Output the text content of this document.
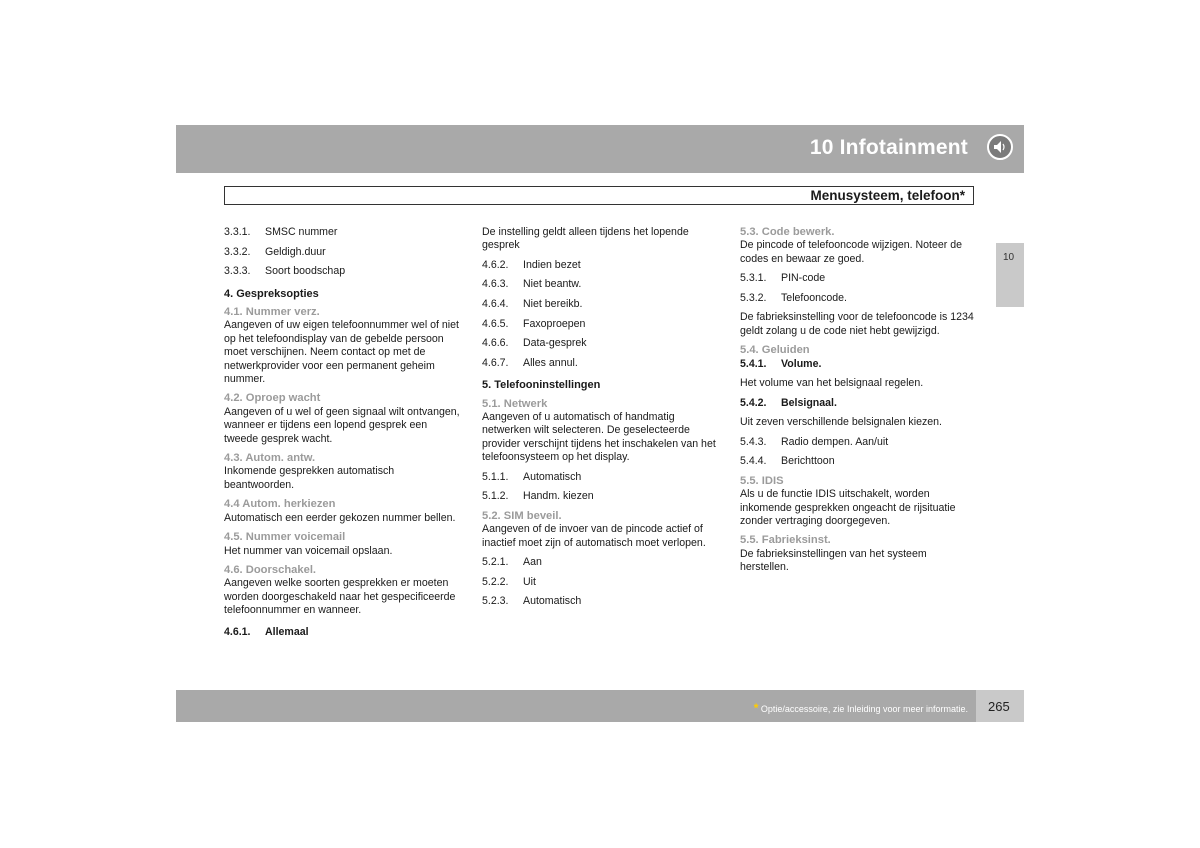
10 Infotainment
Menusysteem, telefoon*
10
3.3.1.	SMSC nummer
3.3.2.	Geldigh.duur
3.3.3.	Soort boodschap
4. Gespreksopties
4.1. Nummer verz.
Aangeven of uw eigen telefoonnummer wel of niet op het telefoondisplay van de gebelde persoon moet verschijnen. Neem contact op met de netwerkprovider voor een permanent geheim nummer.
4.2. Oproep wacht
Aangeven of u wel of geen signaal wilt ontvangen, wanneer er tijdens een lopend gesprek een tweede gesprek wacht.
4.3. Autom. antw.
Inkomende gesprekken automatisch beantwoorden.
4.4 Autom. herkiezen
Automatisch een eerder gekozen nummer bellen.
4.5. Nummer voicemail
Het nummer van voicemail opslaan.
4.6. Doorschakel.
Aangeven welke soorten gesprekken er moeten worden doorgeschakeld naar het gespecificeerde telefoonnummer en wanneer.
4.6.1.	Allemaal
De instelling geldt alleen tijdens het lopende gesprek
4.6.2.	Indien bezet
4.6.3.	Niet beantw.
4.6.4.	Niet bereikb.
4.6.5.	Faxoproepen
4.6.6.	Data-gesprek
4.6.7.	Alles annul.
5. Telefooninstellingen
5.1. Netwerk
Aangeven of u automatisch of handmatig netwerken wilt selecteren. De geselecteerde provider verschijnt tijdens het inschakelen van het telefoonsysteem op het display.
5.1.1.	Automatisch
5.1.2.	Handm. kiezen
5.2. SIM beveil.
Aangeven of de invoer van de pincode actief of inactief moet zijn of automatisch moet verlopen.
5.2.1.	Aan
5.2.2.	Uit
5.2.3.	Automatisch
5.3. Code bewerk.
De pincode of telefooncode wijzigen. Noteer de codes en bewaar ze goed.
5.3.1.	PIN-code
5.3.2.	Telefooncode.
De fabrieksinstelling voor de telefooncode is 1234 geldt zolang u de code niet hebt gewijzigd.
5.4. Geluiden
5.4.1.	Volume.
Het volume van het belsignaal regelen.
5.4.2.	Belsignaal.
Uit zeven verschillende belsignalen kiezen.
5.4.3.	Radio dempen. Aan/uit
5.4.4.	Berichttoon
5.5. IDIS
Als u de functie IDIS uitschakelt, worden inkomende gesprekken ongeacht de rijsituatie zonder vertraging doorgegeven.
5.5. Fabrieksinst.
De fabrieksinstellingen van het systeem herstellen.
* Optie/accessoire, zie Inleiding voor meer informatie. 265
